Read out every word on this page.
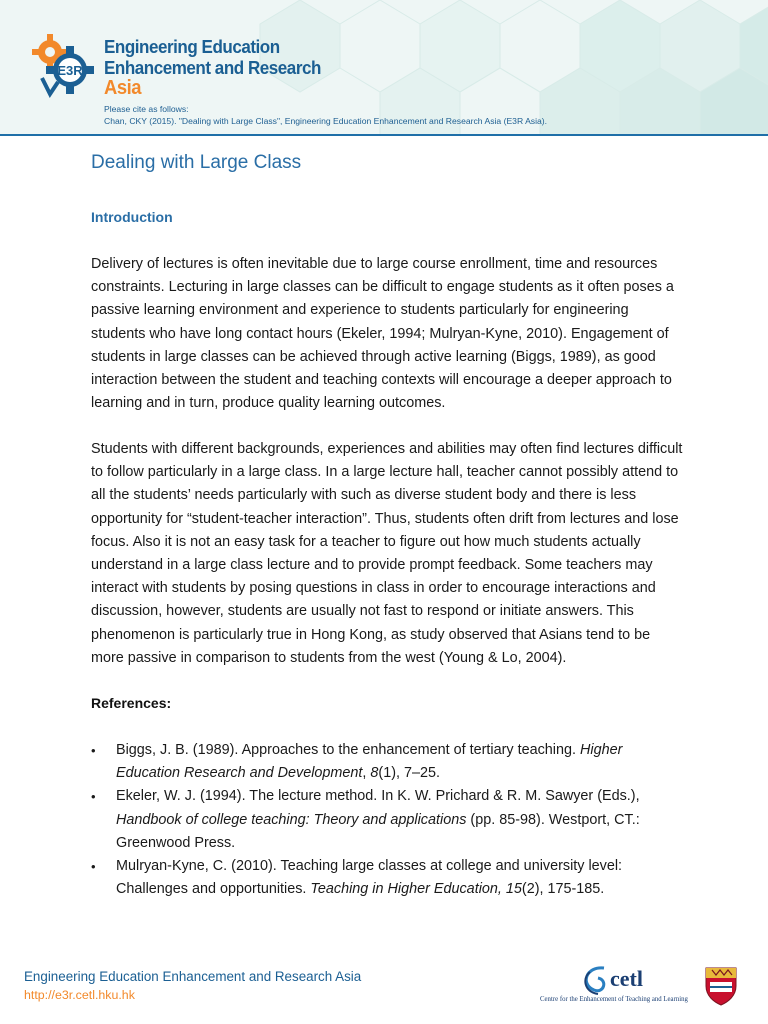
E3R
Engineering Education
Enhancement and Research
Asia
Please cite as follows:
Chan, CKY (2015). "Dealing with Large Class", Engineering Education Enhancement and Research Asia (E3R Asia).
Dealing with Large Class
Introduction
Delivery of lectures is often inevitable due to large course enrollment, time and resources constraints. Lecturing in large classes can be difficult to engage students as it often poses a passive learning environment and experience to students particularly for engineering students who have long contact hours (Ekeler, 1994; Mulryan-Kyne, 2010). Engagement of students in large classes can be achieved through active learning (Biggs, 1989), as good interaction between the student and teaching contexts will encourage a deeper approach to learning and in turn, produce quality learning outcomes.
Students with different backgrounds, experiences and abilities may often find lectures difficult to follow particularly in a large class. In a large lecture hall, teacher cannot possibly attend to all the students’ needs particularly with such as diverse student body and there is less opportunity for “student-teacher interaction”. Thus, students often drift from lectures and lose focus. Also it is not an easy task for a teacher to figure out how much students actually understand in a large class lecture and to provide prompt feedback. Some teachers may interact with students by posing questions in class in order to encourage interactions and discussion, however, students are usually not fast to respond or initiate answers. This phenomenon is particularly true in Hong Kong, as study observed that Asians tend to be more passive in comparison to students from the west (Young & Lo, 2004).
References:
• Biggs, J. B. (1989). Approaches to the enhancement of tertiary teaching. Higher Education Research and Development, 8(1), 7–25.
• Ekeler, W. J. (1994). The lecture method. In K. W. Prichard & R. M. Sawyer (Eds.), Handbook of college teaching: Theory and applications (pp. 85-98). Westport, CT.: Greenwood Press.
• Mulryan-Kyne, C. (2010). Teaching large classes at college and university level: Challenges and opportunities. Teaching in Higher Education, 15(2), 175-185.
Engineering Education Enhancement and Research Asia
http://e3r.cetl.hku.hk
cetl
Centre for the Enhancement of Teaching and Learning
